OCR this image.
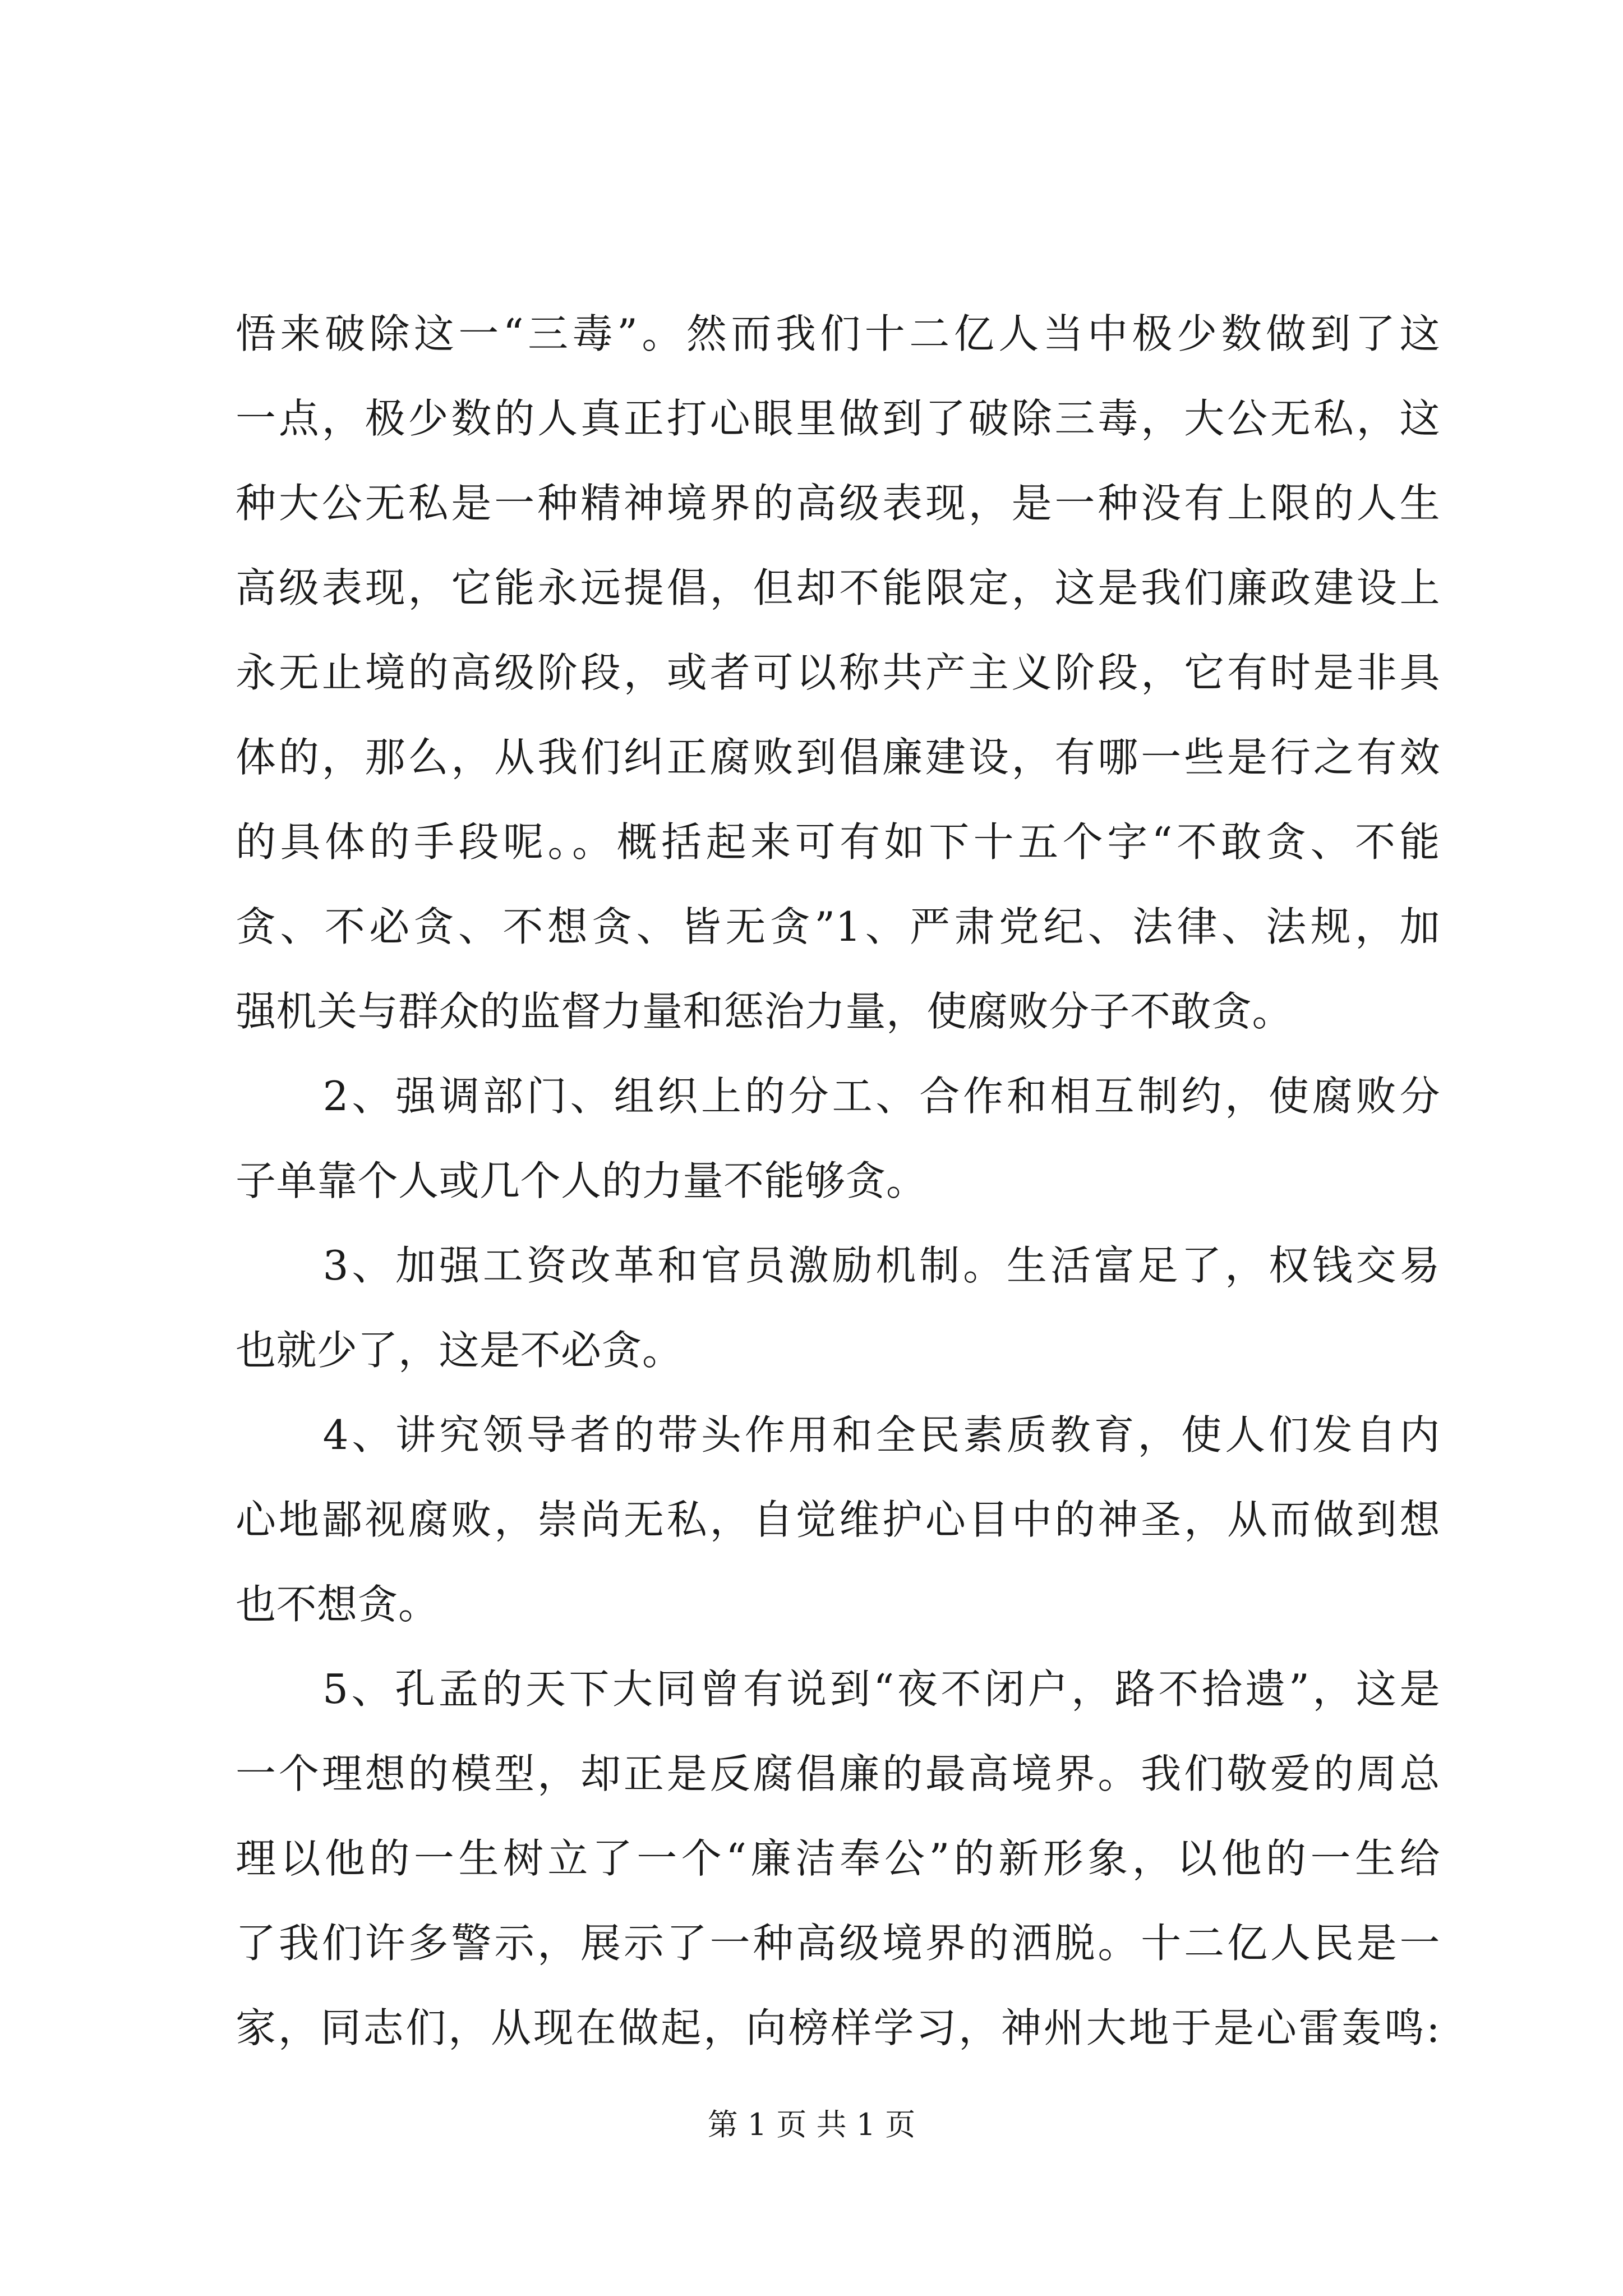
悟来破除这一“三毒”。然而我们十二亿人当中极少数做到了这
一点，极少数的人真正打心眼里做到了破除三毒，大公无私，这
种大公无私是一种精神境界的高级表现，是一种没有上限的人生
高级表现，它能永远提倡，但却不能限定，这是我们廉政建设上
永无止境的高级阶段，或者可以称共产主义阶段，它有时是非具
体的，那么，从我们纠正腐败到倡廉建设，有哪一些是行之有效
的具体的手段呢。。概括起来可有如下十五个字“不敢贪、不能
贪、不必贪、不想贪、皆无贪”1、严肃党纪、法律、法规，加
强机关与群众的监督力量和惩治力量，使腐败分子不敢贪。
　　2、强调部门、组织上的分工、合作和相互制约，使腐败分
子单靠个人或几个人的力量不能够贪。
　　3、加强工资改革和官员激励机制。生活富足了，权钱交易
也就少了，这是不必贪。
　　4、讲究领导者的带头作用和全民素质教育，使人们发自内
心地鄙视腐败，崇尚无私，自觉维护心目中的神圣，从而做到想
也不想贪。
　　5、孔孟的天下大同曾有说到“夜不闭户，路不拾遗”，这是
一个理想的模型，却正是反腐倡廉的最高境界。我们敬爱的周总
理以他的一生树立了一个“廉洁奉公”的新形象，以他的一生给
了我们许多警示，展示了一种高级境界的洒脱。十二亿人民是一
家，同志们，从现在做起，向榜样学习，神州大地于是心雷轰鸣:
第 1 页 共 1 页
